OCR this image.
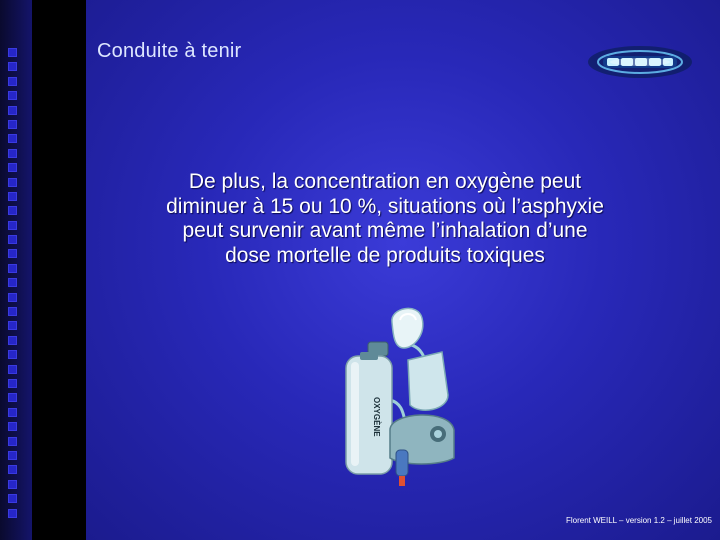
Conduite à tenir
De plus, la concentration en oxygène peut
diminuer à 15 ou 10 %, situations où l’asphyxie
peut survenir avant même l’inhalation d’une
dose mortelle de produits toxiques
OXYGÈNE
Florent WEILL – version 1.2 – juillet 2005
